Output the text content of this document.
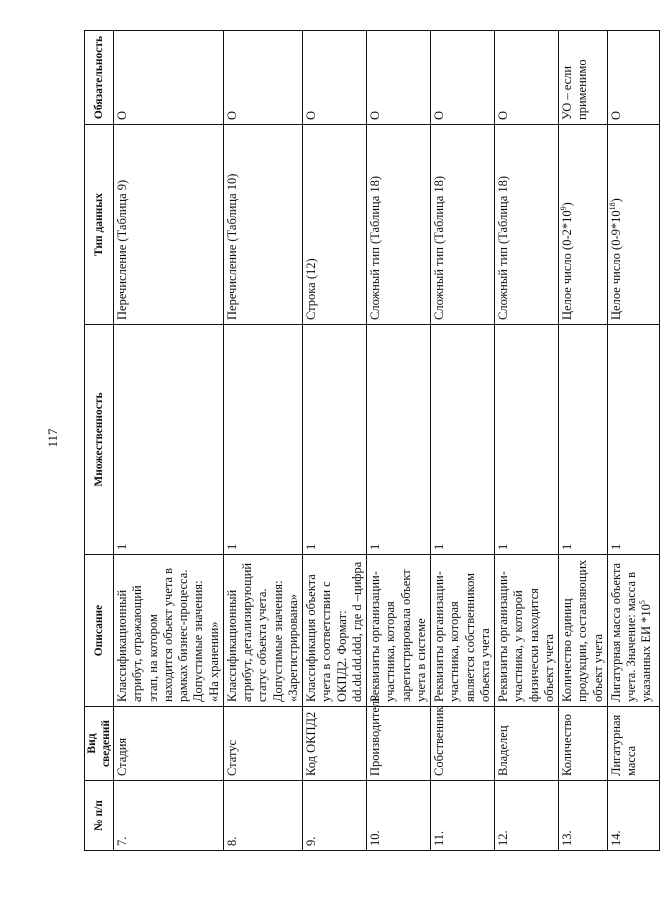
117
№ п/п	Вид сведений	Описание	Множественность	Тип данных	Обязательность
7.	Стадия	Классификационный атрибут, отражающий этап, на котором находится объект учета в рамках бизнес-процесса. Допустимые значения: «На хранении»	1	Перечисление (Таблица 9)	О
8.	Статус	Классификационный атрибут, детализирующий статус объекта учета. Допустимые значения: «Зарегистрирована»	1	Перечисление (Таблица 10)	О
9.	Код ОКПД2	Классификация объекта учета в соответствии с ОКПД2. Формат: dd.dd.dd.ddd, где d –цифра	1	Строка (12)	О
10.	Производитель	Реквизиты организации-участника, которая зарегистрировала объект учета в системе	1	Сложный тип (Таблица 18)	О
11.	Собственник	Реквизиты организации-участника, которая является собственником объекта учета	1	Сложный тип (Таблица 18)	О
12.	Владелец	Реквизиты организации-участника, у которой физически находится объект учета	1	Сложный тип (Таблица 18)	О
13.	Количество	Количество единиц продукции, составляющих объект учета	1	Целое число $(0-2*10^9)$	УО – если применимо
14.	Лигатурная масса	Лигатурная масса объекта учета. Значение: масса в указанных ЕИ $*10^5$	1	Целое число $(0-9*10^{18})$	О
